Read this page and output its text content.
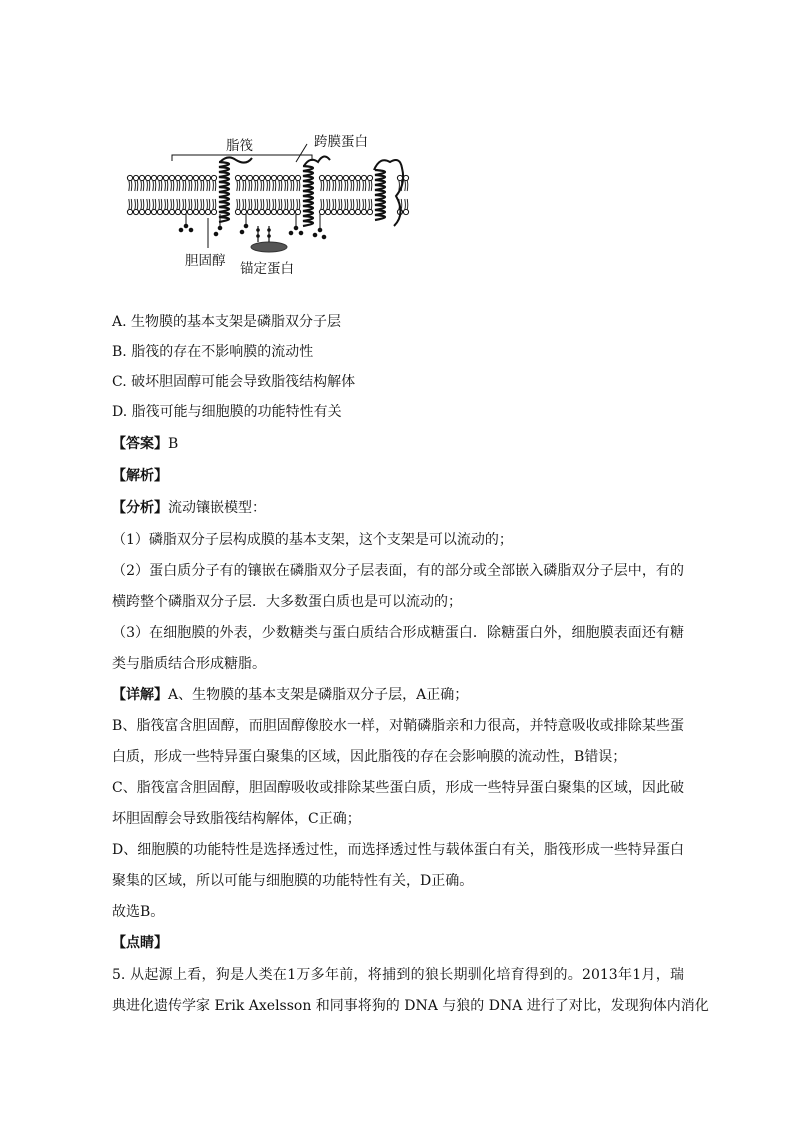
脂筏	跨膜蛋白
胆固醇 锚定蛋白
A. 生物膜的基本支架是磷脂双分子层
B. 脂筏的存在不影响膜的流动性
C. 破坏胆固醇可能会导致脂筏结构解体
D. 脂筏可能与细胞膜的功能特性有关
【答案】B
【解析】
【分析】流动镶嵌模型：
（1）磷脂双分子层构成膜的基本支架，这个支架是可以流动的；
（2）蛋白质分子有的镶嵌在磷脂双分子层表面，有的部分或全部嵌入磷脂双分子层中，有的
横跨整个磷脂双分子层．大多数蛋白质也是可以流动的；
（3）在细胞膜的外表，少数糖类与蛋白质结合形成糖蛋白．除糖蛋白外，细胞膜表面还有糖
类与脂质结合形成糖脂。
【详解】A、生物膜的基本支架是磷脂双分子层，A正确；
B、脂筏富含胆固醇，而胆固醇像胶水一样，对鞘磷脂亲和力很高，并特意吸收或排除某些蛋
白质，形成一些特异蛋白聚集的区域，因此脂筏的存在会影响膜的流动性，B错误；
C、脂筏富含胆固醇，胆固醇吸收或排除某些蛋白质，形成一些特异蛋白聚集的区域，因此破
坏胆固醇会导致脂筏结构解体，C正确；
D、细胞膜的功能特性是选择透过性，而选择透过性与载体蛋白有关，脂筏形成一些特异蛋白
聚集的区域，所以可能与细胞膜的功能特性有关，D正确。
故选B。
【点睛】
5. 从起源上看，狗是人类在1万多年前，将捕到的狼长期驯化培育得到的。2013年1月，瑞
典进化遗传学家 Erik Axelsson 和同事将狗的 DNA 与狼的 DNA 进行了对比，发现狗体内消化
